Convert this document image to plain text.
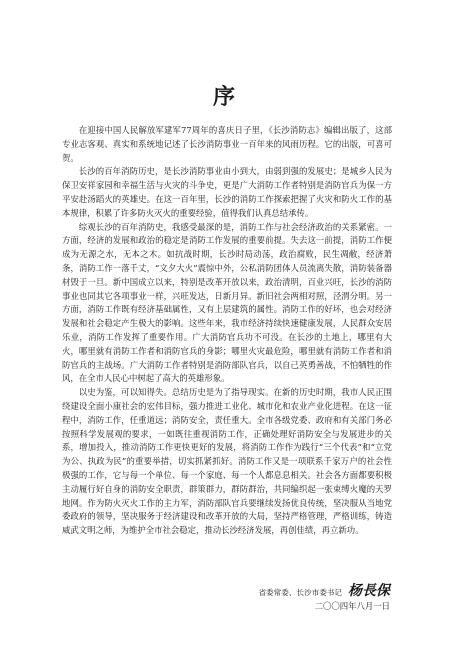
序

在迎接中国人民解放军建军77周年的喜庆日子里，《长沙消防志》编辑出版了，这部专业志客观、真实和系统地记述了长沙消防事业一百年来的风雨历程。它的出版，可喜可贺。

长沙的百年消防历史，是长沙消防事业由小到大，由弱到强的发展史；是城乡人民为保卫安祥家园和幸福生活与火灾的斗争史，更是广大消防工作者特别是消防官兵为保一方平安赴汤蹈火的英雄史。在这一百年里，长沙的消防工作探索把握了火灾和防火工作的基本规律，积累了许多防火灭火的重要经验，值得我们认真总结承传。

综观长沙的百年消防史，我感受最深的是，消防工作与社会经济政治的关系紧密。一方面，经济的发展和政治的稳定是消防工作发展的重要前提。失去这一前提，消防工作便成为无源之水，无本之木。如抗战时期，长沙时局动荡，政治腐败，民生凋敝，经济萧条，消防工作一落千丈，“文夕大火”震惊中外，公私消防团体人员流离失散，消防装备器材毁于一旦。新中国成立以来，特别是改革开放以来，政治清明，百业兴旺，长沙的消防事业也同其它各项事业一样，兴旺发达，日新月异。新旧社会两相对照，泾渭分明。另一方面，消防工作既有经济基础属性，又有上层建筑的属性。消防工作的好坏，也会对经济发展和社会稳定产生极大的影响。这些年来，我市经济持续快速健康发展，人民群众安居乐业，消防工作发挥了重要作用。广大消防官兵功不可没。在长沙的土地上，哪里有大火，哪里就有消防工作者和消防官兵的身影；哪里火灾最危险，哪里就有消防工作者和消防官兵的主战场。广大消防工作者特别是消防部队官兵，以自己英勇善战，不怕牺牲的作风，在全市人民心中树起了高大的英雄形象。

以史为鉴，可以知得失。总结历史是为了指导现实。在新的历史时期，我市人民正围绕建设全面小康社会的宏伟目标，强力推进工业化、城市化和农业产业化进程。在这一征程中，消防工作，任重道远；消防安全，责任重大。全市各级党委、政府和有关部门务必按照科学发展观的要求，一如既往重视消防工作，正确处理好消防安全与发展进步的关系，增加投入，推动消防工作更快更好的发展，将消防工作作为践行“三个代表”和“立党为公、执政为民”的重要举措，切实抓紧抓好。消防工作又是一项联系千家万户的社会性极强的工作，它与每一个单位、每一个家庭、每一个人都息息相关。社会各方面都要积极主动履行好自身的消防安全职责，群策群力，群防群治，共同编织起一张束缚火魔的天罗地网。作为防火灭火工作的主力军，消防部队官兵要继续发扬优良传统，坚决服从当地党委政府的领导，坚决服务于经济建设和改革开放的大局，坚持严格管理，严格训练，铸造威武文明之师，为维护全市社会稳定，推动长沙经济发展，再创佳绩，再立新功。

省委常委、长沙市委书记 杨長保
二〇〇四年八月一日
